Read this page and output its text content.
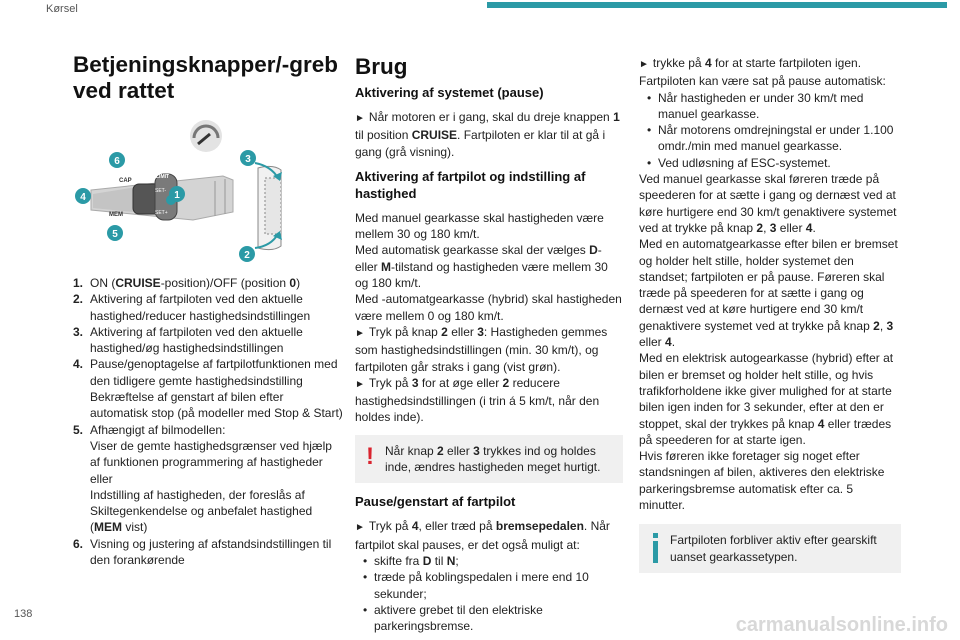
Kørsel
Betjeningsknapper/-greb ved rattet
CAP
LIMIT
SET-
SET+
MEM
6
4
5
1
3
2
1. ON (CRUISE-position)/OFF (position 0)
2. Aktivering af fartpiloten ved den aktuelle hastighed/reducer hastighedsindstillingen
3. Aktivering af fartpiloten ved den aktuelle hastighed/øg hastighedsindstillingen
4. Pause/genoptagelse af fartpilotfunktionen med den tidligere gemte hastighedsindstilling
Bekræftelse af genstart af bilen efter automatisk stop (på modeller med Stop & Start)
5. Afhængigt af bilmodellen:
Viser de gemte hastighedsgrænser ved hjælp af funktionen programmering af hastigheder eller
Indstilling af hastigheden, der foreslås af Skiltegenkendelse og anbefalet hastighed
(MEM vist)
6. Visning og justering af afstandsindstillingen til den forankørende
Brug
Aktivering af systemet (pause)

► Når motoren er i gang, skal du dreje knappen 1 til position CRUISE. Fartpiloten er klar til at gå i gang (grå visning).

Aktivering af fartpilot og indstilling af hastighed

Med manuel gearkasse skal hastigheden være mellem 30 og 180 km/t.

Med automatisk gearkasse skal der vælges D- eller M-tilstand og hastigheden være mellem 30 og 180 km/t.

Med -automatgearkasse (hybrid) skal hastigheden være mellem 0 og 180 km/t.

► Tryk på knap 2 eller 3: Hastigheden gemmes som hastighedsindstillingen (min. 30 km/t), og fartpiloten går straks i gang (vist grøn).

► Tryk på 3 for at øge eller 2 reducere hastighedsindstillingen (i trin á 5 km/t, når den holdes inde).

! Når knap 2 eller 3 trykkes ind og holdes inde, ændres hastigheden meget hurtigt.
Pause/genstart af fartpilot

► Tryk på 4, eller træd på bremsepedalen. Når fartpilot skal pauses, er det også muligt at:

• skifte fra D til N;
• træde på koblingspedalen i mere end 10 sekunder;
• aktivere grebet til den elektriske parkeringsbremse.

► trykke på 4 for at starte fartpiloten igen.

Fartpiloten kan være sat på pause automatisk:

• Når hastigheden er under 30 km/t med manuel gearkasse.
• Når motorens omdrejningstal er under 1.100 omdr./min med manuel gearkasse.
• Ved udløsning af ESC-systemet.

Ved manuel gearkasse skal føreren træde på speederen for at sætte i gang og dernæst ved at køre hurtigere end 30 km/t genaktivere systemet ved at trykke på knap 2, 3 eller 4.

Med en automatgearkasse efter bilen er bremset og holder helt stille, holder systemet den standset; fartpiloten er på pause. Føreren skal træde på speederen for at sætte i gang og dernæst ved at køre hurtigere end 30 km/t genaktivere systemet ved at trykke på knap 2, 3 eller 4.

Med en elektrisk autogearkasse (hybrid) efter at bilen er bremset og holder helt stille, og hvis trafikforholdene ikke giver mulighed for at starte bilen igen inden for 3 sekunder, efter at den er stoppet, skal der trykkes på knap 4 eller trædes på speederen for at starte igen.

Hvis føreren ikke foretager sig noget efter standsningen af bilen, aktiveres den elektriske parkeringsbremse automatisk efter ca. 5 minutter.

Fartpiloten forbliver aktiv efter gearskift uanset gearkassetypen.
138	carmanualsonline.info
